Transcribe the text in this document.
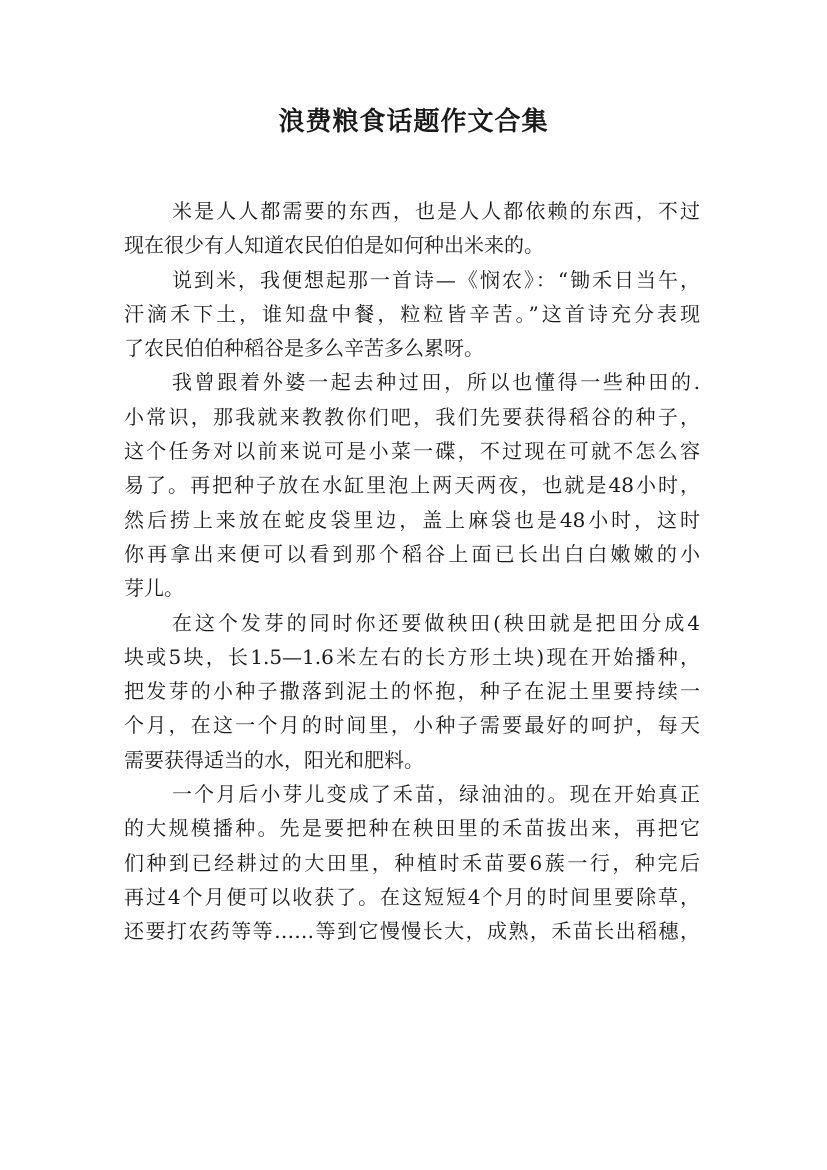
浪费粮食话题作文合集

米是人人都需要的东西，也是人人都依赖的东西，不过
现在很少有人知道农民伯伯是如何种出米来的。

说到米，我便想起那一首诗—《悯农》：“锄禾日当午，
汗滴禾下土，谁知盘中餐，粒粒皆辛苦。”这首诗充分表现
了农民伯伯种稻谷是多么辛苦多么累呀。

我曾跟着外婆一起去种过田，所以也懂得一些种田的.
小常识，那我就来教教你们吧，我们先要获得稻谷的种子，
这个任务对以前来说可是小菜一碟，不过现在可就不怎么容
易了。再把种子放在水缸里泡上两天两夜，也就是48小时，
然后捞上来放在蛇皮袋里边，盖上麻袋也是48小时，这时
你再拿出来便可以看到那个稻谷上面已长出白白嫩嫩的小
芽儿。

在这个发芽的同时你还要做秧田(秧田就是把田分成4
块或5块，长1.5—1.6米左右的长方形土块)现在开始播种，
把发芽的小种子撒落到泥土的怀抱，种子在泥土里要持续一
个月，在这一个月的时间里，小种子需要最好的呵护，每天
需要获得适当的水，阳光和肥料。

一个月后小芽儿变成了禾苗，绿油油的。现在开始真正
的大规模播种。先是要把种在秧田里的禾苗拔出来，再把它
们种到已经耕过的大田里，种植时禾苗要6蔟一行，种完后
再过4个月便可以收获了。在这短短4个月的时间里要除草，
还要打农药等等……等到它慢慢长大，成熟，禾苗长出稻穗，
